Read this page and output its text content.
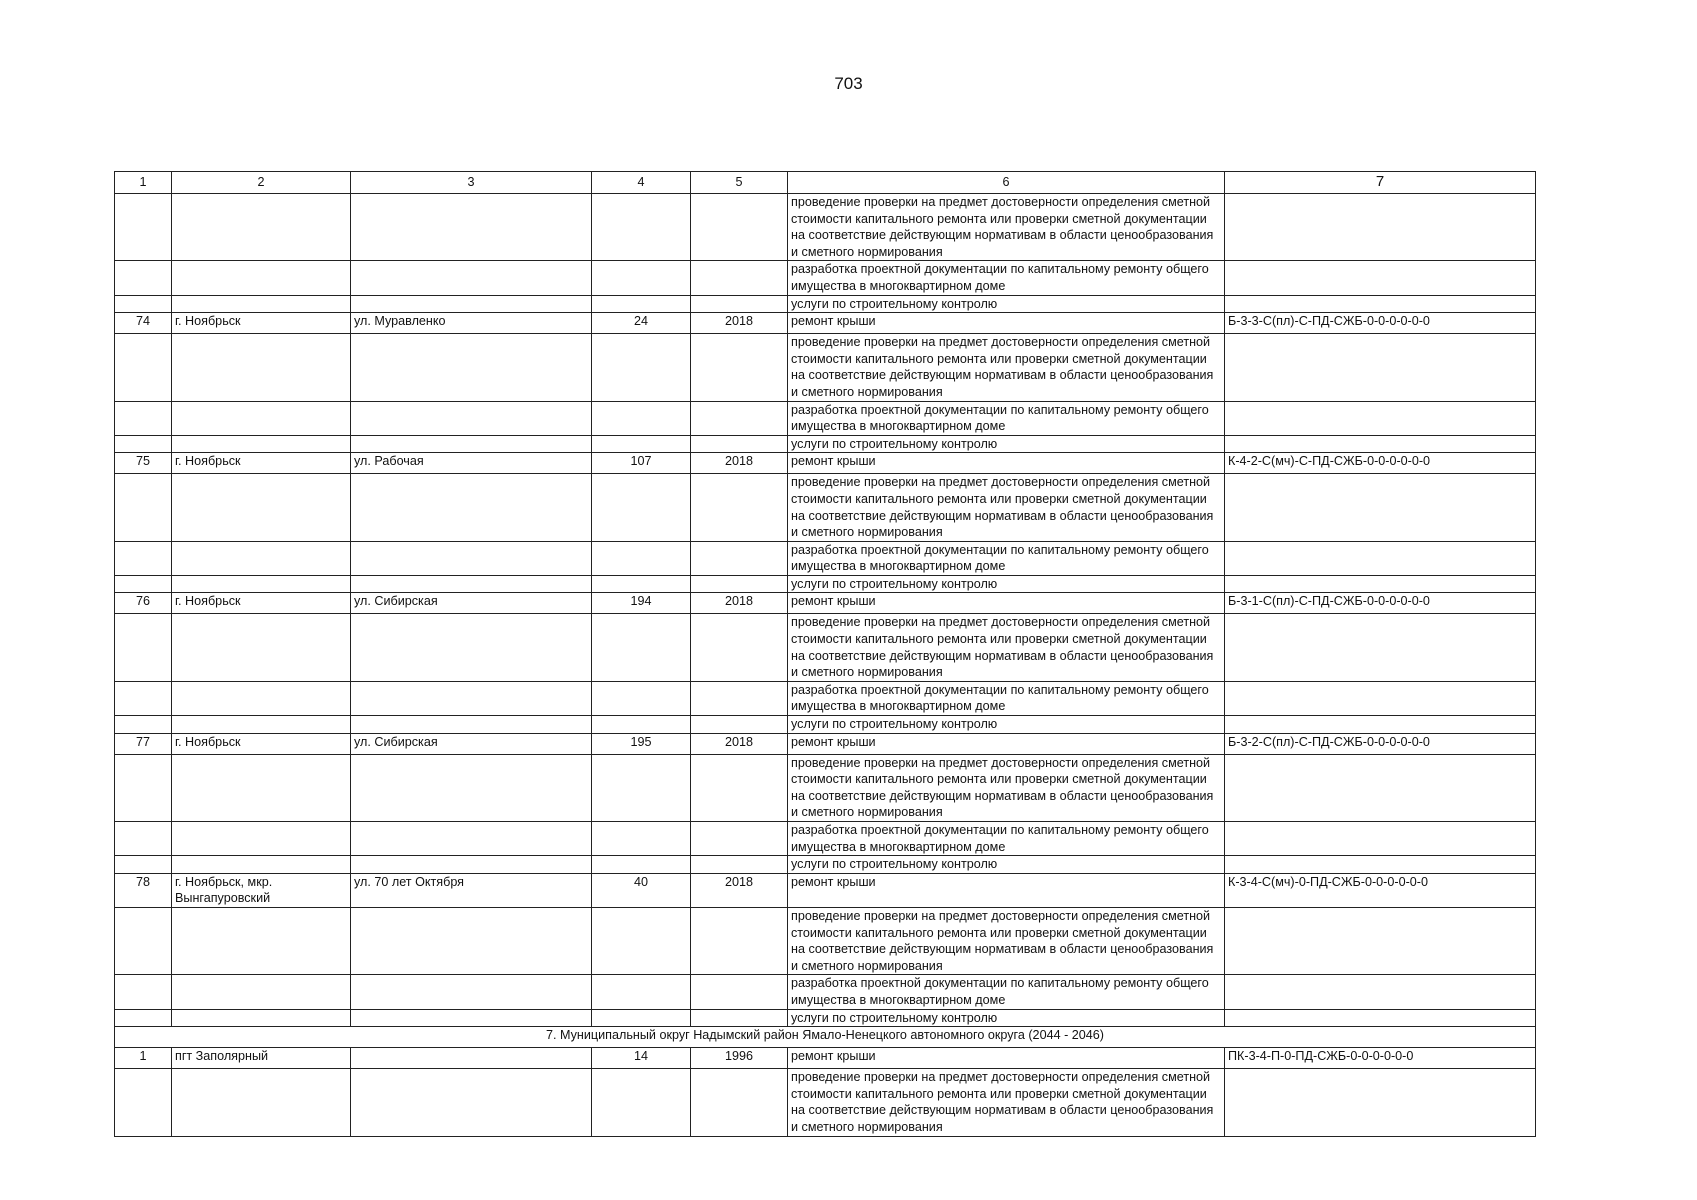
703
1	2	3	4	5	6	7
					проведение проверки на предмет достоверности определения сметной стоимости капитального ремонта или проверки сметной документации на соответствие действующим нормативам в области ценообразования и сметного нормирования	
					разработка проектной документации по капитальному ремонту общего имущества в многоквартирном доме	
					услуги по строительному контролю	
74	г. Ноябрьск	ул. Муравленко	24	2018	ремонт крыши	Б-3-3-С(пл)-С-ПД-СЖБ-0-0-0-0-0-0
					проведение проверки на предмет достоверности определения сметной стоимости капитального ремонта или проверки сметной документации на соответствие действующим нормативам в области ценообразования и сметного нормирования	
					разработка проектной документации по капитальному ремонту общего имущества в многоквартирном доме	
					услуги по строительному контролю	
75	г. Ноябрьск	ул. Рабочая	107	2018	ремонт крыши	К-4-2-С(мч)-С-ПД-СЖБ-0-0-0-0-0-0
					проведение проверки на предмет достоверности определения сметной стоимости капитального ремонта или проверки сметной документации на соответствие действующим нормативам в области ценообразования и сметного нормирования	
					разработка проектной документации по капитальному ремонту общего имущества в многоквартирном доме	
					услуги по строительному контролю	
76	г. Ноябрьск	ул. Сибирская	194	2018	ремонт крыши	Б-3-1-С(пл)-С-ПД-СЖБ-0-0-0-0-0-0
					проведение проверки на предмет достоверности определения сметной стоимости капитального ремонта или проверки сметной документации на соответствие действующим нормативам в области ценообразования и сметного нормирования	
					разработка проектной документации по капитальному ремонту общего имущества в многоквартирном доме	
					услуги по строительному контролю	
77	г. Ноябрьск	ул. Сибирская	195	2018	ремонт крыши	Б-3-2-С(пл)-С-ПД-СЖБ-0-0-0-0-0-0
					проведение проверки на предмет достоверности определения сметной стоимости капитального ремонта или проверки сметной документации на соответствие действующим нормативам в области ценообразования и сметного нормирования	
					разработка проектной документации по капитальному ремонту общего имущества в многоквартирном доме	
					услуги по строительному контролю	
78	г. Ноябрьск, мкр. Вынгапуровский	ул. 70 лет Октября	40	2018	ремонт крыши	К-3-4-С(мч)-0-ПД-СЖБ-0-0-0-0-0-0
					проведение проверки на предмет достоверности определения сметной стоимости капитального ремонта или проверки сметной документации на соответствие действующим нормативам в области ценообразования и сметного нормирования	
					разработка проектной документации по капитальному ремонту общего имущества в многоквартирном доме	
					услуги по строительному контролю	
7. Муниципальный округ Надымский район Ямало-Ненецкого автономного округа (2044 - 2046)						
1	пгт Заполярный		14	1996	ремонт крыши	ПК-3-4-П-0-ПД-СЖБ-0-0-0-0-0-0
					проведение проверки на предмет достоверности определения сметной стоимости капитального ремонта или проверки сметной документации на соответствие действующим нормативам в области ценообразования и сметного нормирования	
